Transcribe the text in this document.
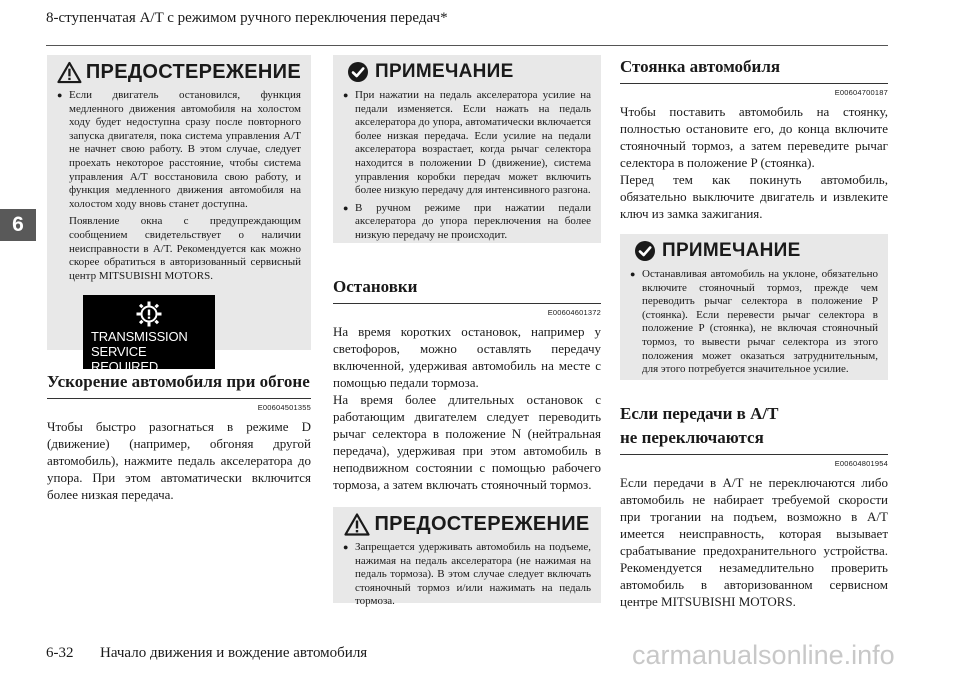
8-ступенчатая A/T с режимом ручного переключения передач*
6
ПРЕДОСТЕРЕЖЕНИЕ
● Если двигатель остановился, функция медленного движения автомобиля на холостом ходу будет недоступна сразу после повторного запуска двигателя, пока система управления A/T не начнет свою работу. В этом случае, следует проехать некоторое расстояние, чтобы система управления A/T восстановила свою работу, и функция медленного движения автомобиля на холостом ходу вновь станет доступна.
Появление окна с предупреждающим сообщением свидетельствует о наличии неисправности в A/T. Рекомендуется как можно скорее обратиться в авторизованный сервисный центр MITSUBISHI MOTORS.
TRANSMISSION
SERVICE REQUIRED
Ускорение автомобиля при обгоне
E00604501355
Чтобы быстро разогнаться в режиме D (движение) (например, обгоняя другой автомобиль), нажмите педаль акселератора до упора. При этом автоматически включится более низкая передача.
ПРИМЕЧАНИЕ
● При нажатии на педаль акселератора усилие на педали изменяется. Если нажать на педаль акселератора до упора, автоматически включается более низкая передача. Если усилие на педали акселератора возрастает, когда рычаг селектора находится в положении D (движение), система управления коробки передач может включить более низкую передачу для интенсивного разгона.
● В ручном режиме при нажатии педали акселератора до упора переключения на более низкую передачу не происходит.
Остановки
E00604601372
На время коротких остановок, например у светофоров, можно оставлять передачу включенной, удерживая автомобиль на месте с помощью педали тормоза.
На время более длительных остановок с работающим двигателем следует переводить рычаг селектора в положение N (нейтральная передача), удерживая при этом автомобиль в неподвижном состоянии с помощью рабочего тормоза, а затем включать стояночный тормоз.
ПРЕДОСТЕРЕЖЕНИЕ
● Запрещается удерживать автомобиль на подъеме, нажимая на педаль акселератора (не нажимая на педаль тормоза). В этом случае следует включать стояночный тормоз и/или нажимать на педаль тормоза.
Стоянка автомобиля
E00604700187
Чтобы поставить автомобиль на стоянку, полностью остановите его, до конца включите стояночный тормоз, а затем переведите рычаг селектора в положение P (стоянка).
Перед тем как покинуть автомобиль, обязательно выключите двигатель и извлеките ключ из замка зажигания.
ПРИМЕЧАНИЕ
● Останавливая автомобиль на уклоне, обязательно включите стояночный тормоз, прежде чем переводить рычаг селектора в положение P (стоянка). Если перевести рычаг селектора в положение P (стоянка), не включая стояночный тормоз, то вывести рычаг селектора из этого положения может оказаться затруднительным, для этого потребуется значительное усилие.
Если передачи в A/T
не переключаются
E00604801954
Если передачи в A/T не переключаются либо автомобиль не набирает требуемой скорости при трогании на подъем, возможно в A/T имеется неисправность, которая вызывает срабатывание предохранительного устройства. Рекомендуется незамедлительно проверить автомобиль в авторизованном сервисном центре MITSUBISHI MOTORS.
6-32 Начало движения и вождение автомобиля	carmanualsonline.info
